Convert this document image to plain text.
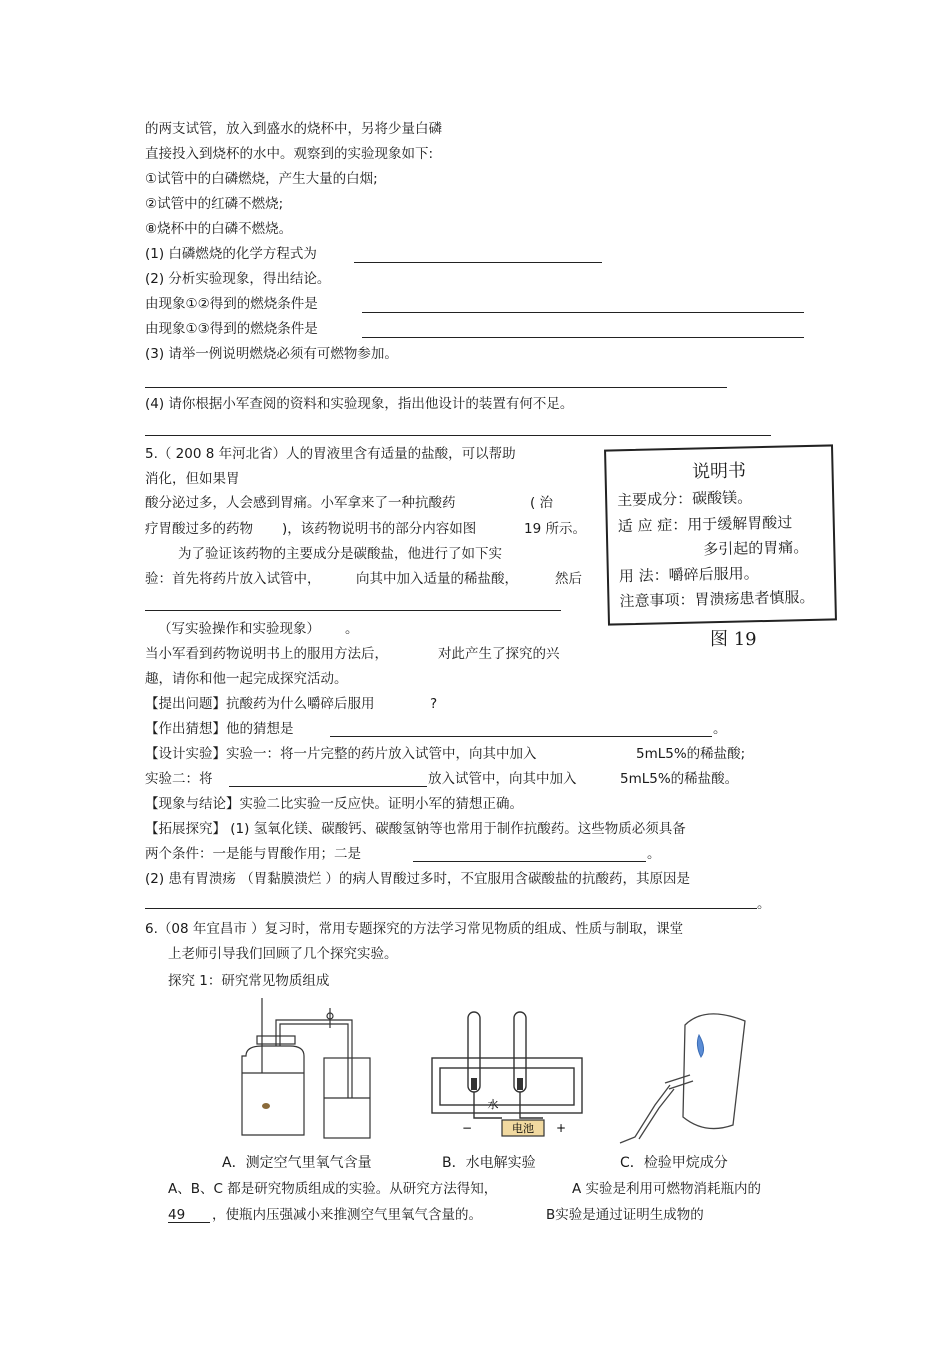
的两支试管，放入到盛水的烧杯中，另将少量白磷
直接投入到烧杯的水中。观察到的实验现象如下:
①试管中的白磷燃烧，产生大量的白烟;
②试管中的红磷不燃烧;
⑧烧杯中的白磷不燃烧。
(1) 白磷燃烧的化学方程式为
(2) 分析实验现象，得出结论。
由现象①②得到的燃烧条件是
由现象①③得到的燃烧条件是
(3) 请举一例说明燃烧必须有可燃物参加。
(4) 请你根据小军查阅的资料和实验现象，指出他设计的装置有何不足。
5.（ 200 8 年河北省）人的胃液里含有适量的盐酸，可以帮助
消化，但如果胃
酸分泌过多，人会感到胃痛。小军拿来了一种抗酸药	( 治
疗胃酸过多的药物 )，该药物说明书的部分内容如图	19 所示。
为了验证该药物的主要成分是碳酸盐，他进行了如下实
验：首先将药片放入试管中，	向其中加入适量的稀盐酸，	然后
（写实验操作和实验现象） 。
当小军看到药物说明书上的服用方法后，	对此产生了探究的兴
趣，请你和他一起完成探究活动。
【提出问题】抗酸药为什么嚼碎后服用	?
【作出猜想】他的猜想是	。
【设计实验】实验一：将一片完整的药片放入试管中，向其中加入	5mL5%的稀盐酸;
实验二：将	放入试管中，向其中加入	5mL5%的稀盐酸。
【现象与结论】实验二比实验一反应快。证明小军的猜想正确。
【拓展探究】 (1) 氢氧化镁、碳酸钙、碳酸氢钠等也常用于制作抗酸药。这些物质必须具备
两个条件：一是能与胃酸作用；二是	。
(2) 患有胃溃疡 （胃黏膜溃烂 ）的病人胃酸过多时，不宜服用含碳酸盐的抗酸药，其原因是
。
说明书
主要成分：碳酸镁。
适 应 症：用于缓解胃酸过
多引起的胃痛。
用 法：嚼碎后服用。
注意事项：胃溃疡患者慎服。
图 19
6.（08 年宜昌市 ）复习时，常用专题探究的方法学习常见物质的组成、性质与制取，课堂
上老师引导我们回顾了几个探究实验。
探究 1：研究常见物质组成
电池
水
−	+
A．测定空气里氧气含量	B．水电解实验	C．检验甲烷成分
A、B、C 都是研究物质组成的实验。从研究方法得知，	A 实验是利用可燃物消耗瓶内的
49 ，使瓶内压强减小来推测空气里氧气含量的。	B实验是通过证明生成物的
